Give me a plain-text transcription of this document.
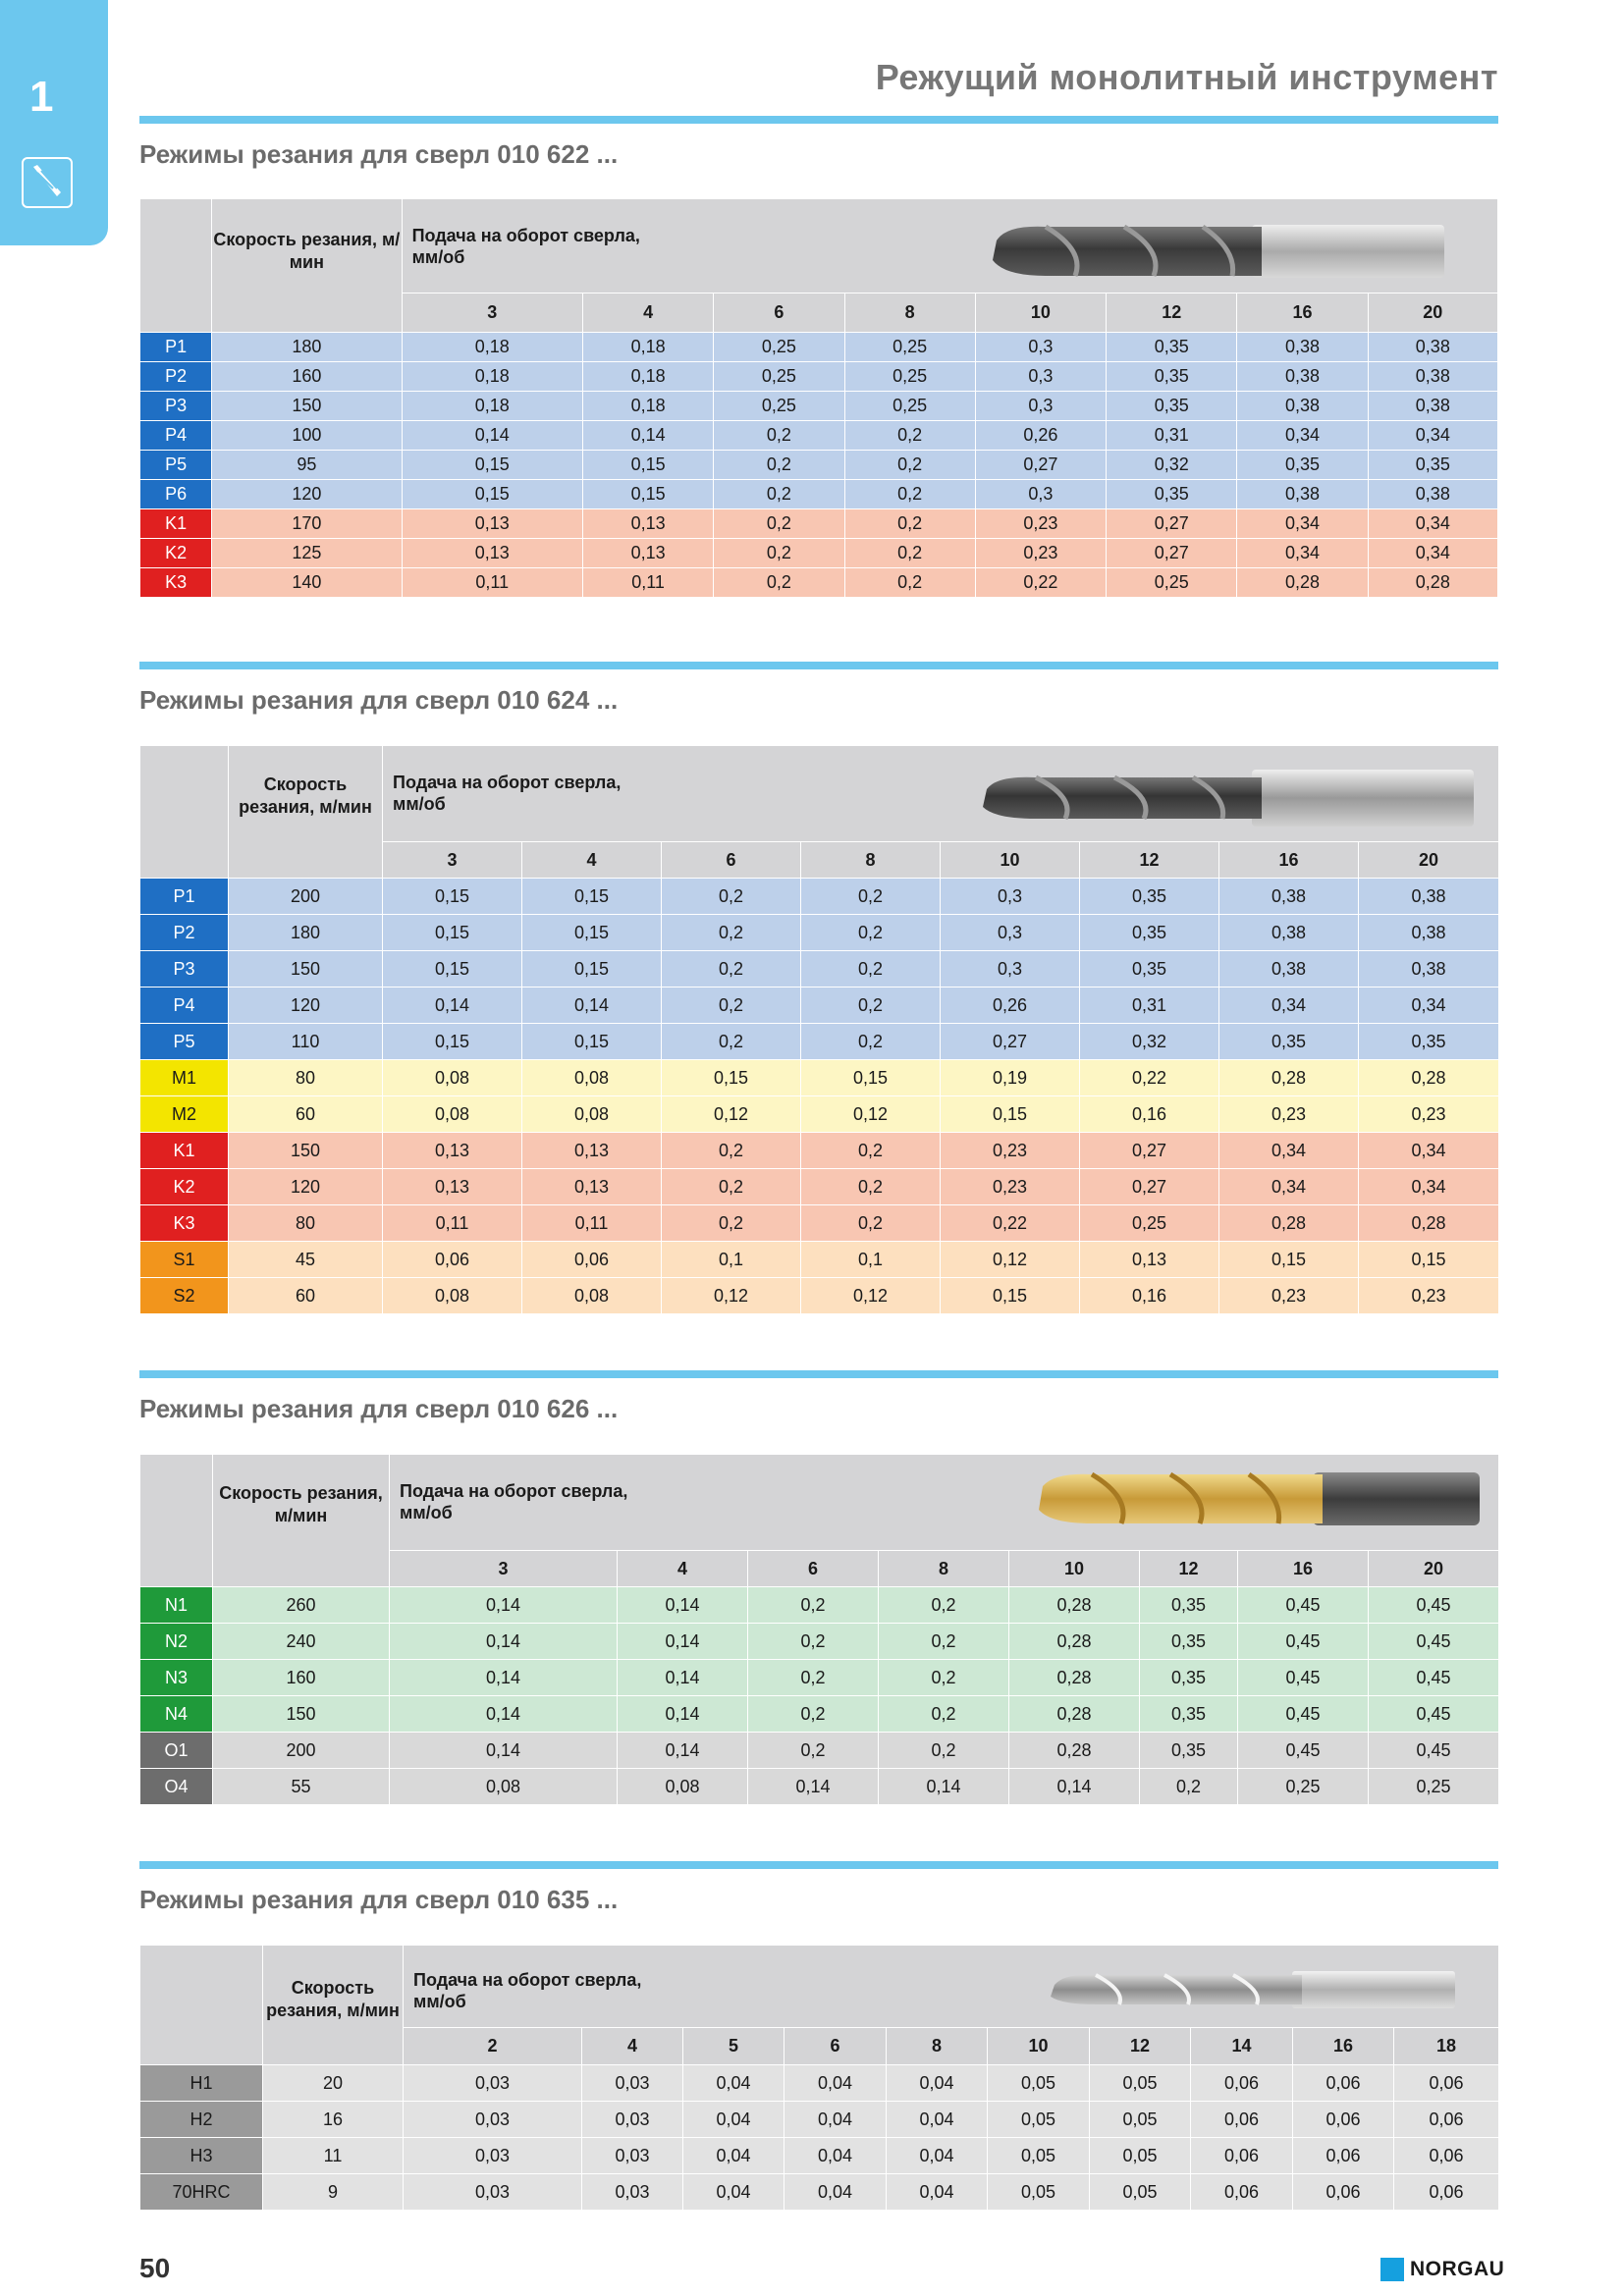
1	Режущий монолитный инструмент
Режимы резания для сверл 010 622 ...
	Скорость резания, м/мин	Подача на оборот сверла, мм/об							

		3	4	6	8	10	12	16	20
P1	180	0,18	0,18	0,25	0,25	0,3	0,35	0,38	0,38
P2	160	0,18	0,18	0,25	0,25	0,3	0,35	0,38	0,38
P3	150	0,18	0,18	0,25	0,25	0,3	0,35	0,38	0,38
P4	100	0,14	0,14	0,2	0,2	0,26	0,31	0,34	0,34
P5	95	0,15	0,15	0,2	0,2	0,27	0,32	0,35	0,35
P6	120	0,15	0,15	0,2	0,2	0,3	0,35	0,38	0,38
K1	170	0,13	0,13	0,2	0,2	0,23	0,27	0,34	0,34
K2	125	0,13	0,13	0,2	0,2	0,23	0,27	0,34	0,34
K3	140	0,11	0,11	0,2	0,2	0,22	0,25	0,28	0,28
Режимы резания для сверл 010 624 ...
	Скорость резания, м/мин	Подача на оборот сверла, мм/об							

		3	4	6	8	10	12	16	20
P1	200	0,15	0,15	0,2	0,2	0,3	0,35	0,38	0,38
P2	180	0,15	0,15	0,2	0,2	0,3	0,35	0,38	0,38
P3	150	0,15	0,15	0,2	0,2	0,3	0,35	0,38	0,38
P4	120	0,14	0,14	0,2	0,2	0,26	0,31	0,34	0,34
P5	110	0,15	0,15	0,2	0,2	0,27	0,32	0,35	0,35
M1	80	0,08	0,08	0,15	0,15	0,19	0,22	0,28	0,28
M2	60	0,08	0,08	0,12	0,12	0,15	0,16	0,23	0,23
K1	150	0,13	0,13	0,2	0,2	0,23	0,27	0,34	0,34
K2	120	0,13	0,13	0,2	0,2	0,23	0,27	0,34	0,34
K3	80	0,11	0,11	0,2	0,2	0,22	0,25	0,28	0,28
S1	45	0,06	0,06	0,1	0,1	0,12	0,13	0,15	0,15
S2	60	0,08	0,08	0,12	0,12	0,15	0,16	0,23	0,23
Режимы резания для сверл 010 626 ...
	Скорость резания, м/мин	Подача на оборот сверла, мм/об							

		3	4	6	8	10	12	16	20
N1	260	0,14	0,14	0,2	0,2	0,28	0,35	0,45	0,45
N2	240	0,14	0,14	0,2	0,2	0,28	0,35	0,45	0,45
N3	160	0,14	0,14	0,2	0,2	0,28	0,35	0,45	0,45
N4	150	0,14	0,14	0,2	0,2	0,28	0,35	0,45	0,45
O1	200	0,14	0,14	0,2	0,2	0,28	0,35	0,45	0,45
O4	55	0,08	0,08	0,14	0,14	0,14	0,2	0,25	0,25
Режимы резания для сверл 010 635 ...
	Скорость резания, м/мин	Подача на оборот сверла, мм/об									

		2	4	5	6	8	10	12	14	16	18
H1	20	0,03	0,03	0,04	0,04	0,04	0,05	0,05	0,06	0,06	0,06
H2	16	0,03	0,03	0,04	0,04	0,04	0,05	0,05	0,06	0,06	0,06
H3	11	0,03	0,03	0,04	0,04	0,04	0,05	0,05	0,06	0,06	0,06
70HRC	9	0,03	0,03	0,04	0,04	0,04	0,05	0,05	0,06	0,06	0,06
50	NORGAU
